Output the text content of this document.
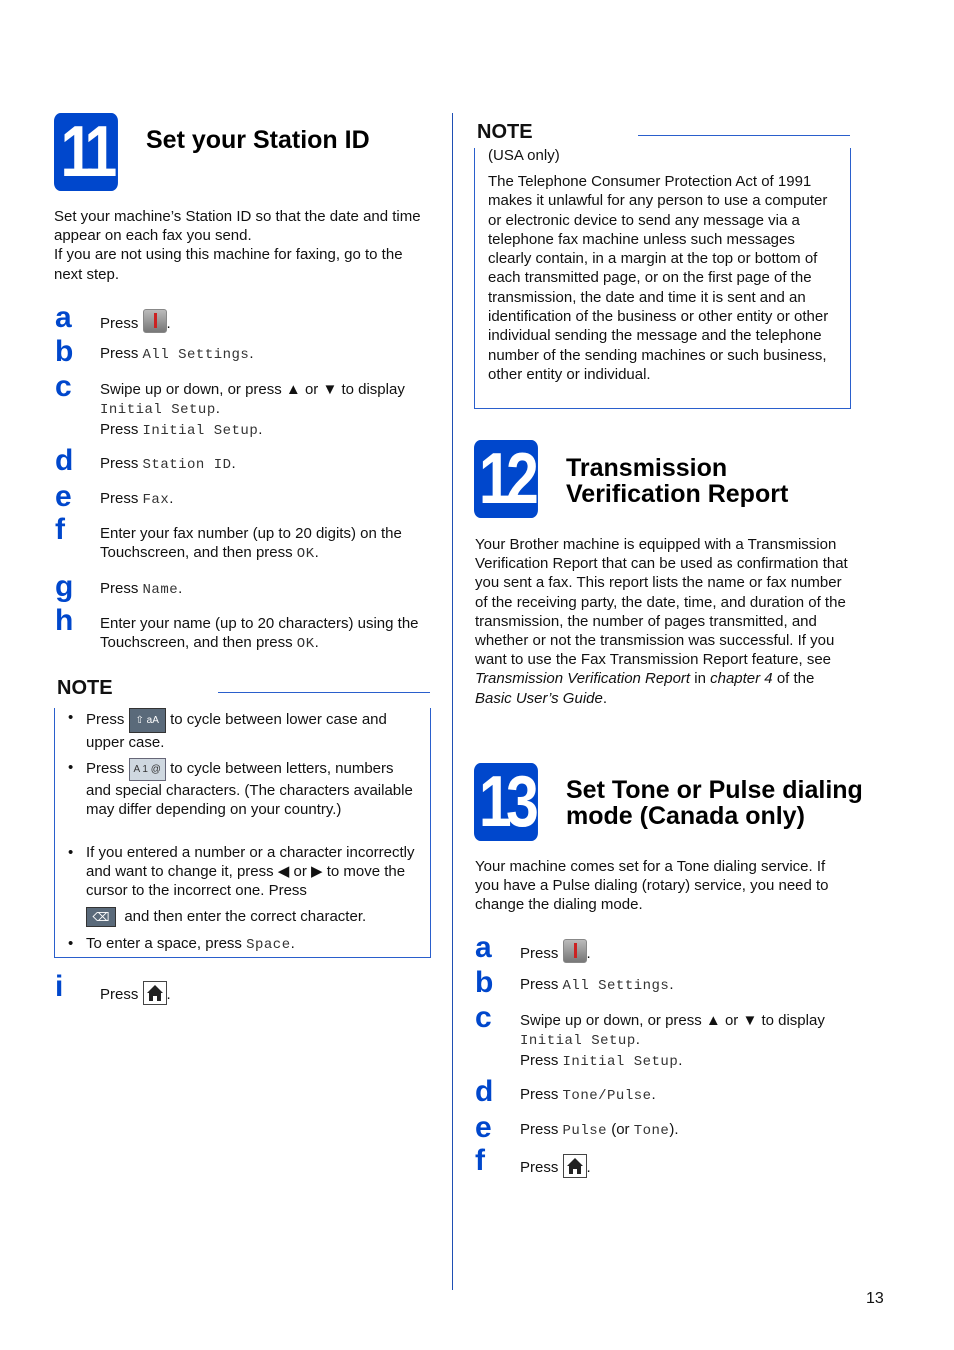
11 Set your Station ID
Set your machine’s Station ID so that the date and time appear on each fax you send.
If you are not using this machine for faxing, go to the next step.
a Press .
b Press All Settings.
c Swipe up or down, or press ▲ or ▼ to display
Initial Setup.
Press Initial Setup.
d Press Station ID.
e Press Fax.
f Enter your fax number (up to 20 digits) on the Touchscreen, and then press OK.
g Press Name.
h Enter your name (up to 20 characters) using the Touchscreen, and then press OK.
NOTE
• Press ⇧ aA to cycle between lower case and upper case.
• Press A 1 @ to cycle between letters, numbers and special characters. (The characters available may differ depending on your country.)
• If you entered a number or a character incorrectly and want to change it, press ◀ or ▶ to move the cursor to the incorrect one. Press
⌫ and then enter the correct character.
• To enter a space, press Space.
i Press .
NOTE
(USA only)
The Telephone Consumer Protection Act of 1991 makes it unlawful for any person to use a computer or electronic device to send any message via a telephone fax machine unless such messages clearly contain, in a margin at the top or bottom of each transmitted page, or on the first page of the transmission, the date and time it is sent and an identification of the business or other entity or other individual sending the message and the telephone number of the sending machines or such business, other entity or individual.
12 Transmission
Verification Report
Your Brother machine is equipped with a Transmission Verification Report that can be used as confirmation that you sent a fax. This report lists the name or fax number of the receiving party, the date, time, and duration of the transmission, the number of pages transmitted, and whether or not the transmission was successful. If you want to use the Fax Transmission Report feature, see Transmission Verification Report in chapter 4 of the Basic User’s Guide.
13 Set Tone or Pulse dialing
mode (Canada only)
Your machine comes set for a Tone dialing service. If you have a Pulse dialing (rotary) service, you need to change the dialing mode.
a Press .
b Press All Settings.
c Swipe up or down, or press ▲ or ▼ to display
Initial Setup.
Press Initial Setup.
d Press Tone/Pulse.
e Press Pulse (or Tone).
f Press .
13
